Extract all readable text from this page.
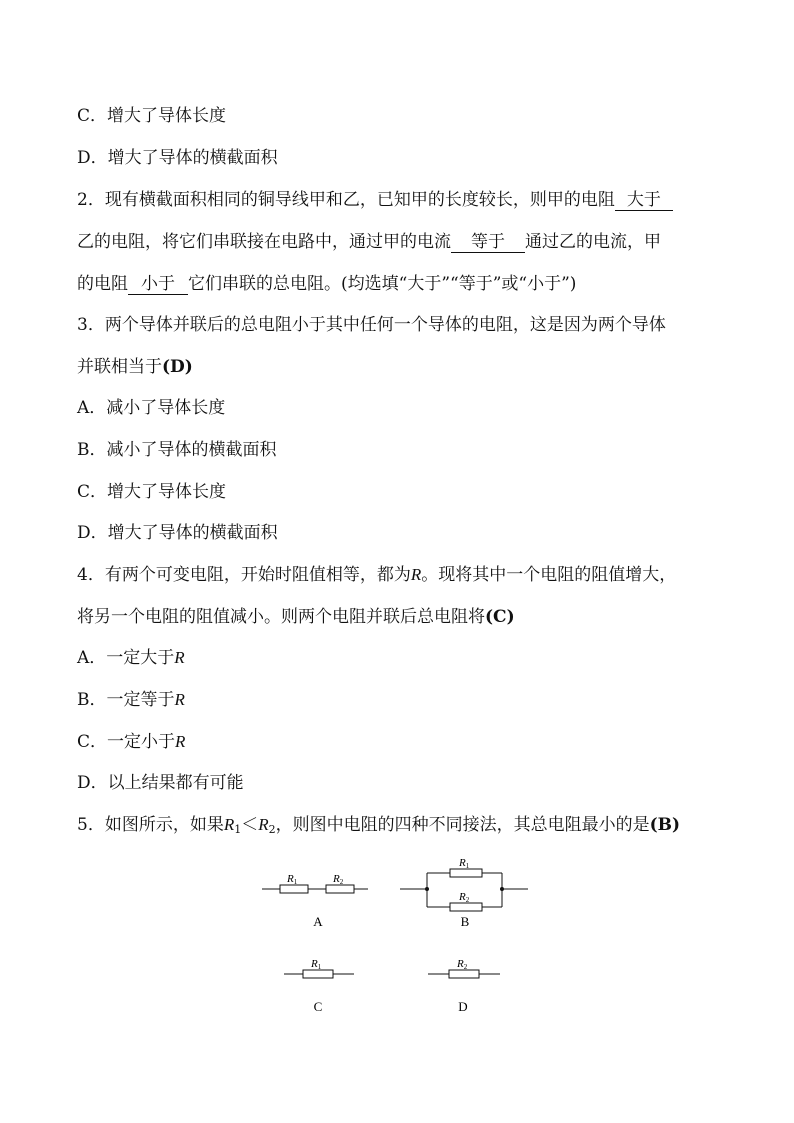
C．增大了导体长度
D．增大了导体的横截面积
2．现有横截面积相同的铜导线甲和乙，已知甲的长度较长，则甲的电阻 大于
乙的电阻，将它们串联接在电路中，通过甲的电流 等于 通过乙的电流，甲
的电阻 小于 它们串联的总电阻。(均选填“大于”“等于”或“小于”)
3．两个导体并联后的总电阻小于其中任何一个导体的电阻，这是因为两个导体
并联相当于(D)
A．减小了导体长度
B．减小了导体的横截面积
C．增大了导体长度
D．增大了导体的横截面积
4．有两个可变电阻，开始时阻值相等，都为R。现将其中一个电阻的阻值增大，
将另一个电阻的阻值减小。则两个电阻并联后总电阻将(C)
A．一定大于R
B．一定等于R
C．一定小于R
D．以上结果都有可能
5．如图所示，如果$R_1<R_2$，则图中电阻的四种不同接法，其总电阻最小的是(B)
R1	R2
R1
R2
R1	R2
A	B
C	D
